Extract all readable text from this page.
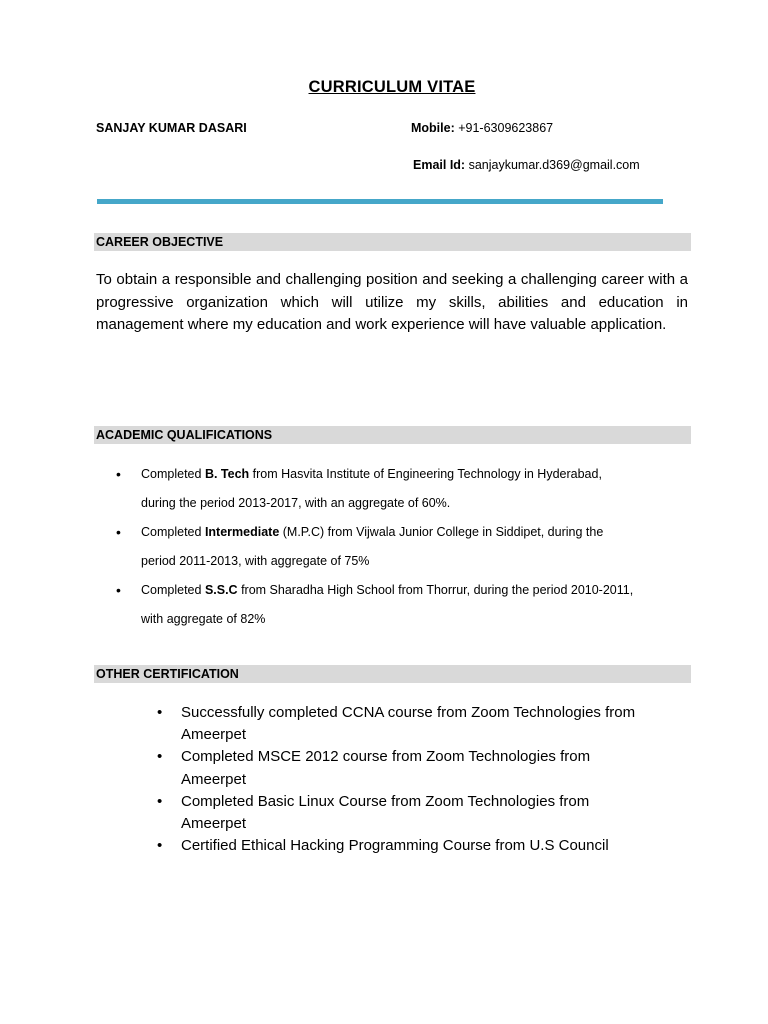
CURRICULUM VITAE
SANJAY KUMAR DASARI	Mobile: +91-6309623867
Email Id: sanjaykumar.d369@gmail.com
CAREER OBJECTIVE

To obtain a responsible and challenging position and seeking a challenging career with a progressive organization which will utilize my skills, abilities and education in management where my education and work experience will have valuable application.

ACADEMIC QUALIFICATIONS
• Completed B. Tech from Hasvita Institute of Engineering Technology in Hyderabad,
during the period 2013-2017, with an aggregate of 60%.
• Completed Intermediate (M.P.C) from Vijwala Junior College in Siddipet, during the
period 2011-2013, with aggregate of 75%
• Completed S.S.C from Sharadha High School from Thorrur, during the period 2010-2011,
with aggregate of 82%
OTHER CERTIFICATION
• Successfully completed CCNA course from Zoom Technologies from Ameerpet
• Completed MSCE 2012 course from Zoom Technologies from Ameerpet
• Completed Basic Linux Course from Zoom Technologies from Ameerpet
• Certified Ethical Hacking Programming Course from U.S Council
